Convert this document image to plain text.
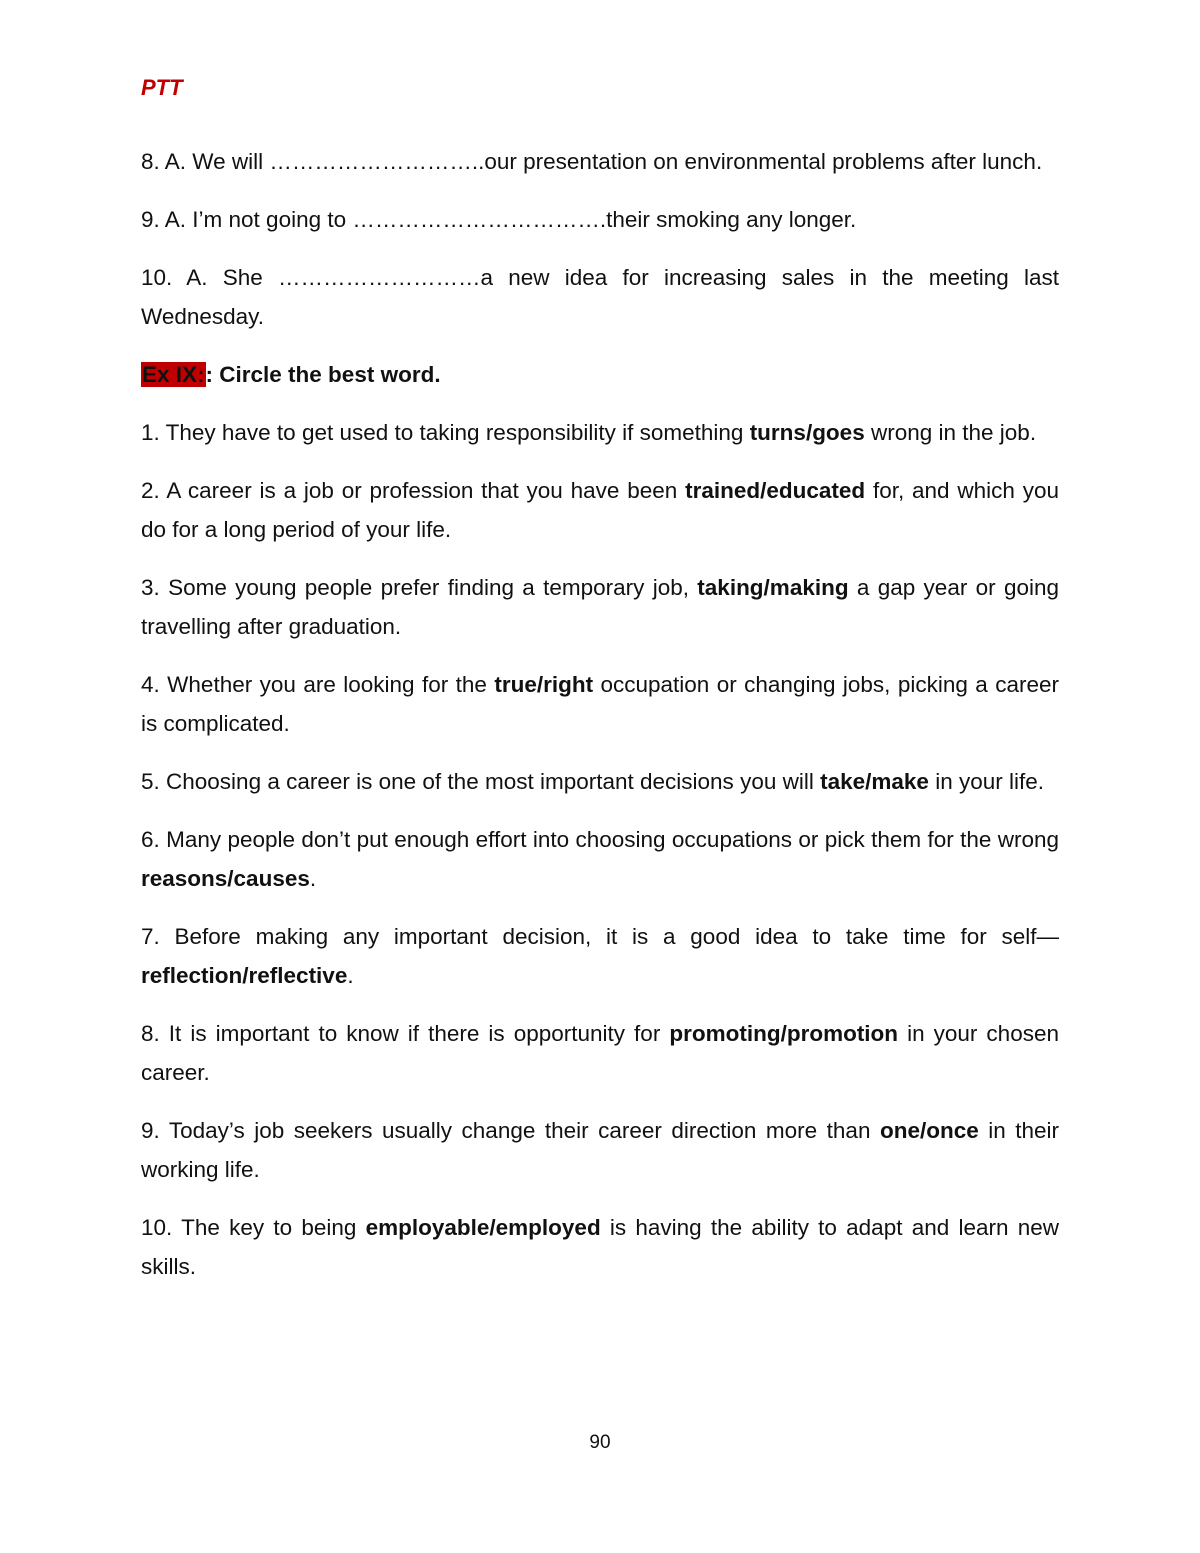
PTT

8. A. We will ………………………..our presentation on environmental problems after lunch.

9. A. I’m not going to …………………………….their smoking any longer.

10. A. She ………………………a new idea for increasing sales in the meeting last Wednesday.

Ex IX:: Circle the best word.

1. They have to get used to taking responsibility if something turns/goes wrong in the job.

2. A career is a job or profession that you have been trained/educated for, and which you do for a long period of your life.

3. Some young people prefer finding a temporary job, taking/making a gap year or going travelling after graduation.

4. Whether you are looking for the true/right occupation or changing jobs, picking a career is complicated.

5. Choosing a career is one of the most important decisions you will take/make in your life.

6. Many people don’t put enough effort into choosing occupations or pick them for the wrong reasons/causes.

7. Before making any important decision, it is a good idea to take time for self—reflection/reflective.

8. It is important to know if there is opportunity for promoting/promotion in your chosen career.

9. Today’s job seekers usually change their career direction more than one/once in their working life.

10. The key to being employable/employed is having the ability to adapt and learn new skills.

90
